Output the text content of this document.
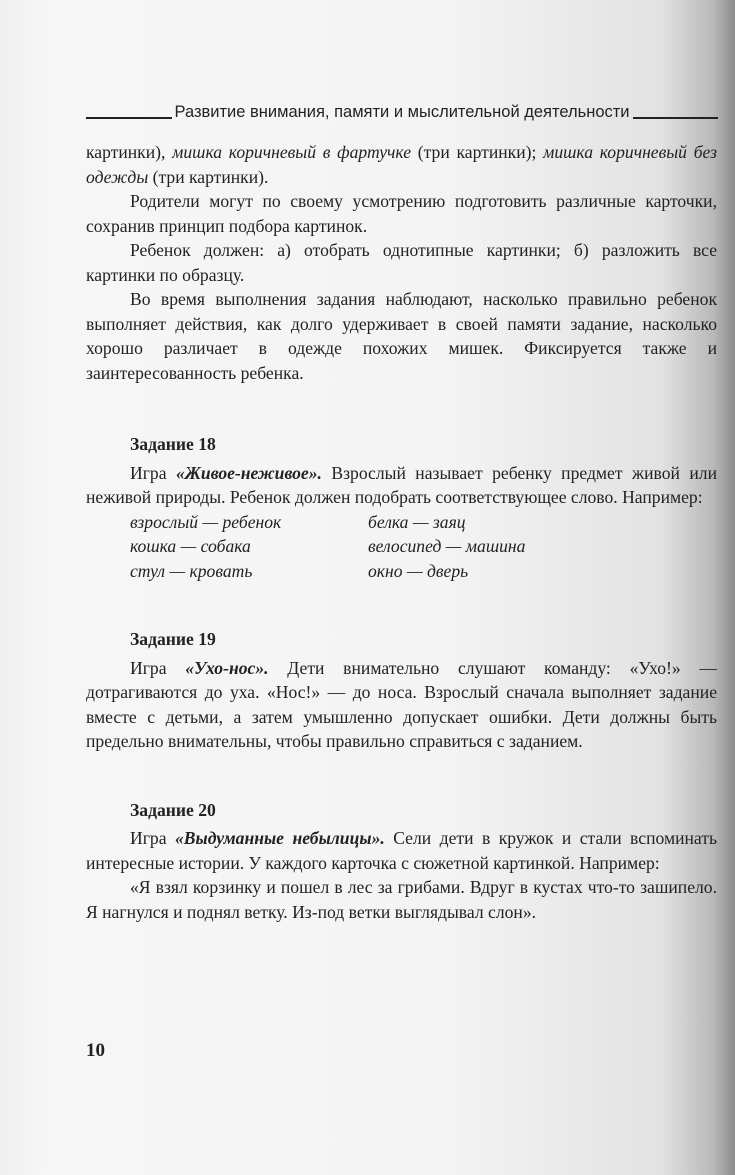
Развитие внимания, памяти и мыслительной деятельности

картинки), мишка коричневый в фартучке (три картинки); мишка коричневый без одежды (три картинки).

Родители могут по своему усмотрению подготовить различные карточки, сохранив принцип подбора картинок.

Ребенок должен: а) отобрать однотипные картинки; б) разложить все картинки по образцу.

Во время выполнения задания наблюдают, насколько правильно ребенок выполняет действия, как долго удерживает в своей памяти задание, насколько хорошо различает в одежде похожих мишек. Фиксируется также и заинтересованность ребенка.

Задание 18

Игра «Живое-неживое». Взрослый называет ребенку предмет живой или неживой природы. Ребенок должен подобрать соответствующее слово. Например:

взрослый — ребенок	белка — заяц
кошка — собака	велосипед — машина
стул — кровать	окно — дверь
Задание 19

Игра «Ухо-нос». Дети внимательно слушают команду: «Ухо!» — дотрагиваются до уха. «Нос!» — до носа. Взрослый сначала выполняет задание вместе с детьми, а затем умышленно допускает ошибки. Дети должны быть предельно внимательны, чтобы правильно справиться с заданием.

Задание 20

Игра «Выдуманные небылицы». Сели дети в кружок и стали вспоминать интересные истории. У каждого карточка с сюжетной картинкой. Например:

«Я взял корзинку и пошел в лес за грибами. Вдруг в кустах что-то зашипело. Я нагнулся и поднял ветку. Из-под ветки выглядывал слон».

10
